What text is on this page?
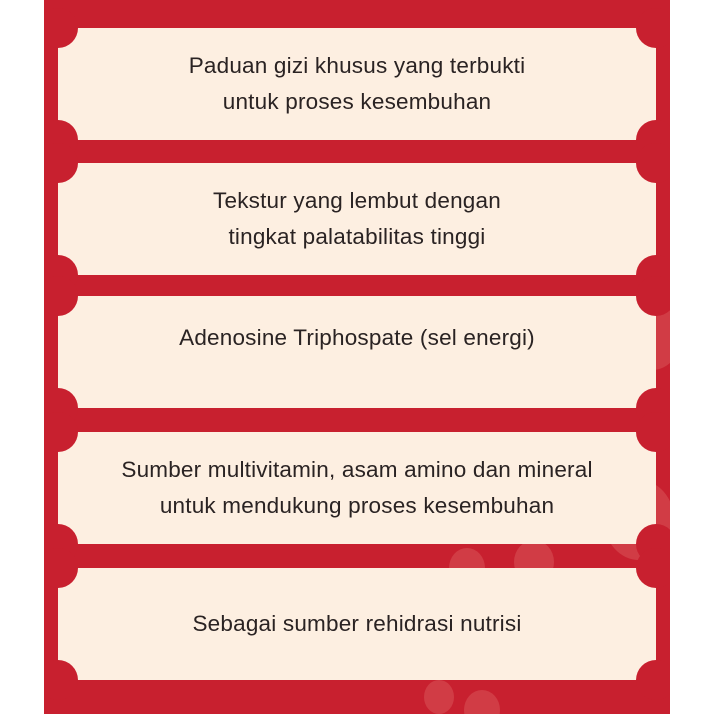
Paduan gizi khusus yang terbukti
untuk proses kesembuhan
Tekstur yang lembut dengan
tingkat palatabilitas tinggi
Adenosine Triphospate (sel energi)
Sumber multivitamin, asam amino dan mineral
untuk mendukung proses kesembuhan
Sebagai sumber rehidrasi nutrisi
